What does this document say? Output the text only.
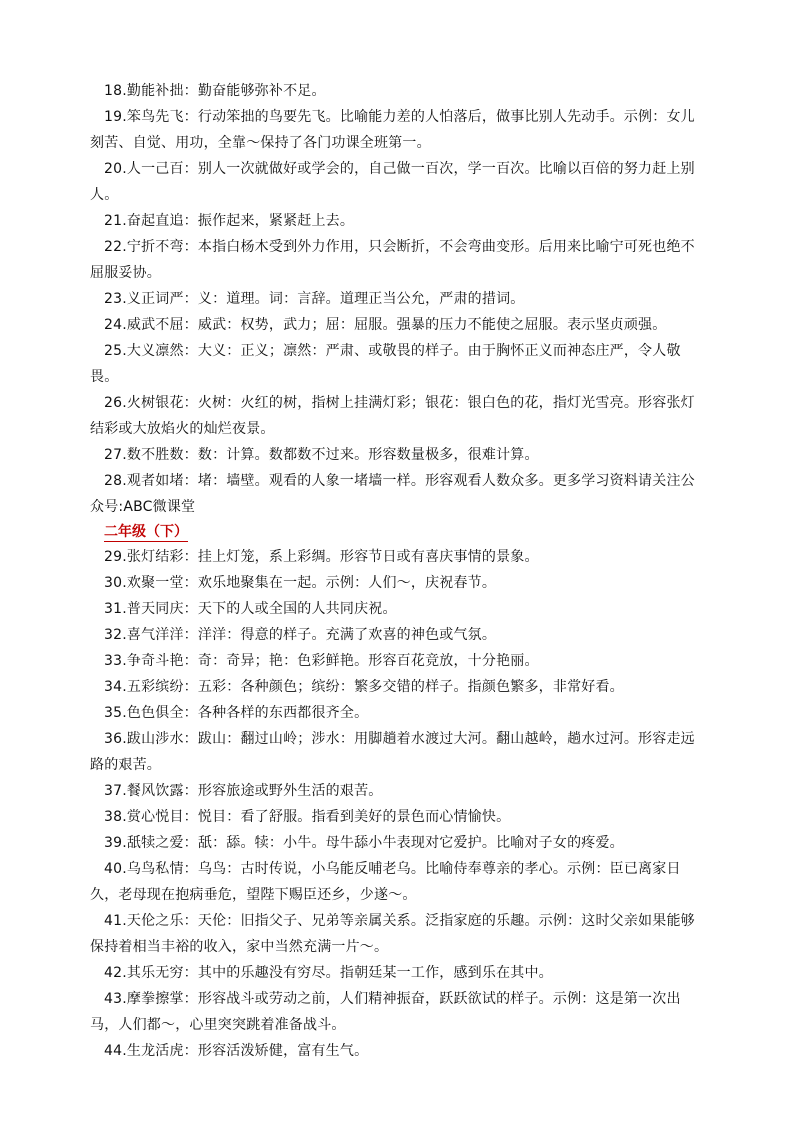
18.勤能补拙：勤奋能够弥补不足。

19.笨鸟先飞：行动笨拙的鸟要先飞。比喻能力差的人怕落后，做事比别人先动手。示例：女儿刻苦、自觉、用功，全靠～保持了各门功课全班第一。

20.人一己百：别人一次就做好或学会的，自己做一百次，学一百次。比喻以百倍的努力赶上别人。

21.奋起直追：振作起来，紧紧赶上去。

22.宁折不弯：本指白杨木受到外力作用，只会断折，不会弯曲变形。后用来比喻宁可死也绝不屈服妥协。

23.义正词严：义：道理。词：言辞。道理正当公允，严肃的措词。

24.威武不屈：威武：权势，武力；屈：屈服。强暴的压力不能使之屈服。表示坚贞顽强。

25.大义凛然：大义：正义；凛然：严肃、或敬畏的样子。由于胸怀正义而神态庄严，令人敬畏。

26.火树银花：火树：火红的树，指树上挂满灯彩；银花：银白色的花，指灯光雪亮。形容张灯结彩或大放焰火的灿烂夜景。

27.数不胜数：数：计算。数都数不过来。形容数量极多，很难计算。

28.观者如堵：堵：墙壁。观看的人象一堵墙一样。形容观看人数众多。更多学习资料请关注公众号:ABC微课堂

二年级（下）

29.张灯结彩：挂上灯笼，系上彩绸。形容节日或有喜庆事情的景象。

30.欢聚一堂：欢乐地聚集在一起。示例：人们～，庆祝春节。

31.普天同庆：天下的人或全国的人共同庆祝。

32.喜气洋洋：洋洋：得意的样子。充满了欢喜的神色或气氛。

33.争奇斗艳：奇：奇异；艳：色彩鲜艳。形容百花竞放，十分艳丽。

34.五彩缤纷：五彩：各种颜色；缤纷：繁多交错的样子。指颜色繁多，非常好看。

35.色色俱全：各种各样的东西都很齐全。

36.跋山涉水：跋山：翻过山岭；涉水：用脚趟着水渡过大河。翻山越岭，趟水过河。形容走远路的艰苦。

37.餐风饮露：形容旅途或野外生活的艰苦。

38.赏心悦目：悦目：看了舒服。指看到美好的景色而心情愉快。

39.舐犊之爱：舐：舔。犊：小牛。母牛舔小牛表现对它爱护。比喻对子女的疼爱。

40.乌鸟私情：乌鸟：古时传说，小乌能反哺老乌。比喻侍奉尊亲的孝心。示例：臣已离家日久，老母现在抱病垂危，望陛下赐臣还乡，少遂～。

41.天伦之乐：天伦：旧指父子、兄弟等亲属关系。泛指家庭的乐趣。示例：这时父亲如果能够保持着相当丰裕的收入，家中当然充满一片～。

42.其乐无穷：其中的乐趣没有穷尽。指朝廷某一工作，感到乐在其中。

43.摩拳擦掌：形容战斗或劳动之前，人们精神振奋，跃跃欲试的样子。示例：这是第一次出马，人们都～，心里突突跳着准备战斗。

44.生龙活虎：形容活泼矫健，富有生气。
